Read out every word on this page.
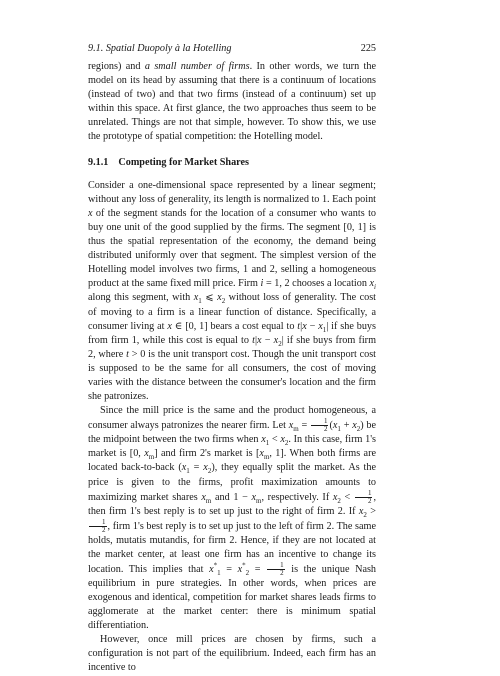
9.1. Spatial Duopoly à la Hotelling	225

regions) and a small number of firms. In other words, we turn the model on its head by assuming that there is a continuum of locations (instead of two) and that two firms (instead of a continuum) set up within this space. At first glance, the two approaches thus seem to be unrelated. Things are not that simple, however. To show this, we use the prototype of spatial competition: the Hotelling model.

9.1.1 Competing for Market Shares

Consider a one-dimensional space represented by a linear segment; without any loss of generality, its length is normalized to 1. Each point x of the segment stands for the location of a consumer who wants to buy one unit of the good supplied by the firms. The segment [0, 1] is thus the spatial representation of the economy, the demand being distributed uniformly over that segment. The simplest version of the Hotelling model involves two firms, 1 and 2, selling a homogeneous product at the same fixed mill price. Firm i = 1, 2 chooses a location $x_i$ along this segment, with $x_1$ ⩽ $x_2$ without loss of generality. The cost of moving to a firm is a linear function of distance. Specifically, a consumer living at x ∈ [0, 1] bears a cost equal to $t|x - x_1|$ if she buys from firm 1, while this cost is equal to $t|x - x_2|$ if she buys from firm 2, where t > 0 is the unit transport cost. Though the unit transport cost is supposed to be the same for all consumers, the cost of moving varies with the distance between the consumer's location and the firm she patronizes.

Since the mill price is the same and the product homogeneous, a consumer always patronizes the nearer firm. Let $x_m = \frac{1}{2} (x_1 + x_2)$ be the midpoint between the two firms when $x_1 < x_2$. In this case, firm 1's market is [0, $x_m$] and firm 2's market is [$x_m$, 1]. When both firms are located back-to-back $(x_1 = x_2)$, they equally split the market. As the price is given to the firms, profit maximization amounts to maximizing market shares $x_m$ and $1 - x_m$, respectively. If $x_2 < \frac{1}{2}$ , then firm 1's best reply is to set up just to the right of firm 2. If $x_2$ >
$\frac{1}{2}$ , firm 1's best reply is to set up just to the left of firm 2. The same holds, mutatis mutandis, for firm 2. Hence, if they are not located at the market center, at least one firm has an incentive to change its location. This implies that $x^*_1 = x^*_2 = \frac{1}{2}$ is the unique Nash equilibrium in pure strategies. In other words, when prices are exogenous and identical, competition for market shares leads firms to agglomerate at the market center: there is minimum spatial differentiation.

However, once mill prices are chosen by firms, such a configuration is not part of the equilibrium. Indeed, each firm has an incentive to
